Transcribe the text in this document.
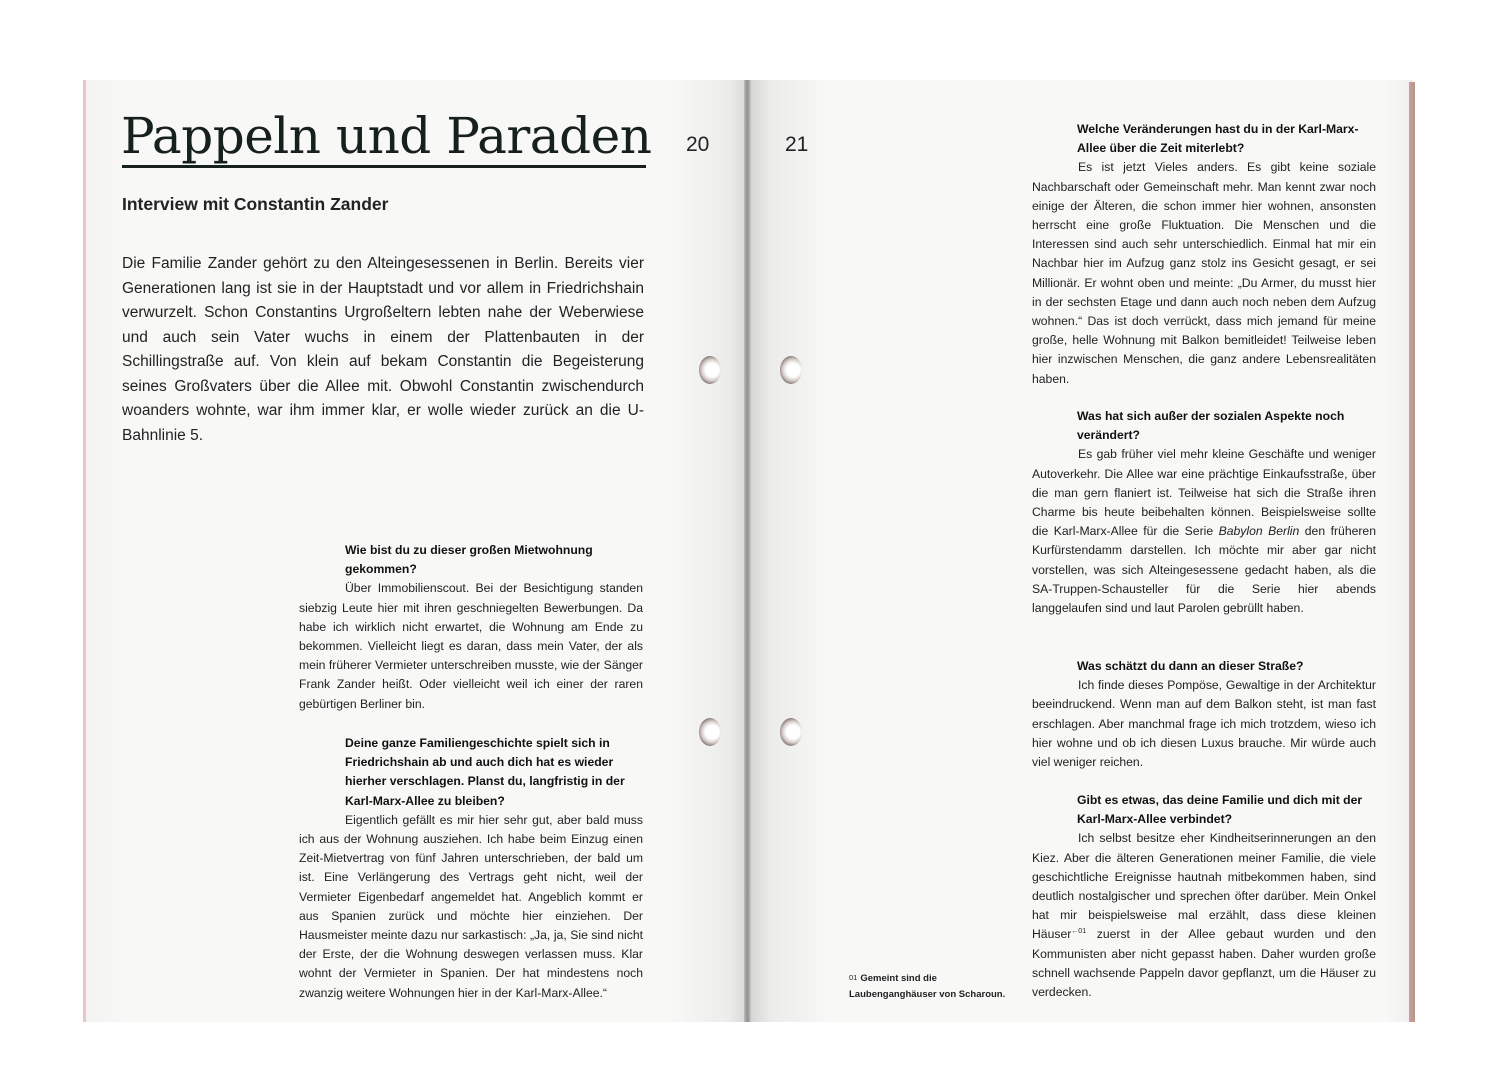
Pappeln und Paraden 20
Interview mit Constantin Zander

Die Familie Zander gehört zu den Alteingesessenen in Berlin. Bereits vier Generationen lang ist sie in der Hauptstadt und vor allem in Friedrichshain verwurzelt. Schon Constantins Urgroßeltern lebten nahe der Weberwiese und auch sein Vater wuchs in einem der Plattenbauten in der Schillingstraße auf. Von klein auf bekam Constantin die Begeisterung seines Großvaters über die Allee mit. Obwohl Constantin zwischendurch woanders wohnte, war ihm immer klar, er wolle wieder zurück an die U-Bahnlinie 5.

Wie bist du zu dieser großen Mietwohnung gekommen?

Über Immobilienscout. Bei der Besichtigung standen siebzig Leute hier mit ihren geschniegelten Bewerbungen. Da habe ich wirklich nicht erwartet, die Wohnung am Ende zu bekommen. Vielleicht liegt es daran, dass mein Vater, der als mein früherer Vermieter unterschreiben musste, wie der Sänger Frank Zander heißt. Oder vielleicht weil ich einer der raren gebürtigen Berliner bin.

Deine ganze Familiengeschichte spielt sich in Friedrichshain ab und auch dich hat es wieder hierher verschlagen. Planst du, langfristig in der Karl-Marx-Allee zu bleiben?

Eigentlich gefällt es mir hier sehr gut, aber bald muss ich aus der Wohnung ausziehen. Ich habe beim Einzug einen Zeit-Mietvertrag von fünf Jahren unterschrieben, der bald um ist. Eine Verlängerung des Vertrags geht nicht, weil der Vermieter Eigenbedarf angemeldet hat. Angeblich kommt er aus Spanien zurück und möchte hier einziehen. Der Hausmeister meinte dazu nur sarkastisch: „Ja, ja, Sie sind nicht der Erste, der die Wohnung deswegen verlassen muss. Klar wohnt der Vermieter in Spanien. Der hat mindestens noch zwanzig weitere Wohnungen hier in der Karl-Marx-Allee.“

21

Welche Veränderungen hast du in der Karl-Marx-Allee über die Zeit miterlebt?

Es ist jetzt Vieles anders. Es gibt keine soziale Nachbarschaft oder Gemeinschaft mehr. Man kennt zwar noch einige der Älteren, die schon immer hier wohnen, ansonsten herrscht eine große Fluktuation. Die Menschen und die Interessen sind auch sehr unterschiedlich. Einmal hat mir ein Nachbar hier im Aufzug ganz stolz ins Gesicht gesagt, er sei Millionär. Er wohnt oben und meinte: „Du Armer, du musst hier in der sechsten Etage und dann auch noch neben dem Aufzug wohnen.“ Das ist doch verrückt, dass mich jemand für meine große, helle Wohnung mit Balkon bemitleidet! Teilweise leben hier inzwischen Menschen, die ganz andere Lebensrealitäten haben.

Was hat sich außer der sozialen Aspekte noch verändert?

Es gab früher viel mehr kleine Geschäfte und weniger Autoverkehr. Die Allee war eine prächtige Einkaufsstraße, über die man gern flaniert ist. Teilweise hat sich die Straße ihren Charme bis heute beibehalten können. Beispielsweise sollte die Karl-Marx-Allee für die Serie Babylon Berlin den früheren Kurfürstendamm darstellen. Ich möchte mir aber gar nicht vorstellen, was sich Alteingesessene gedacht haben, als die SA-Truppen-Schausteller für die Serie hier abends langgelaufen sind und laut Parolen gebrüllt haben.

Was schätzt du dann an dieser Straße?

Ich finde dieses Pompöse, Gewaltige in der Architektur beeindruckend. Wenn man auf dem Balkon steht, ist man fast erschlagen. Aber manchmal frage ich mich trotzdem, wieso ich hier wohne und ob ich diesen Luxus brauche. Mir würde auch viel weniger reichen.

Gibt es etwas, das deine Familie und dich mit der Karl-Marx-Allee verbindet?

Ich selbst besitze eher Kindheitserinnerungen an den Kiez. Aber die älteren Generationen meiner Familie, die viele geschichtliche Ereignisse hautnah mitbekommen haben, sind deutlich nostalgischer und sprechen öfter darüber. Mein Onkel hat mir beispielsweise mal erzählt, dass diese kleinen Häuser$^{\leftarrow 01}$ zuerst in der Allee gebaut wurden und den Kommunisten aber nicht gepasst haben. Daher wurden große schnell wachsende Pappeln davor gepflanzt, um die Häuser zu verdecken.

01 Gemeint sind die Laubenganghäuser von Scharoun.
